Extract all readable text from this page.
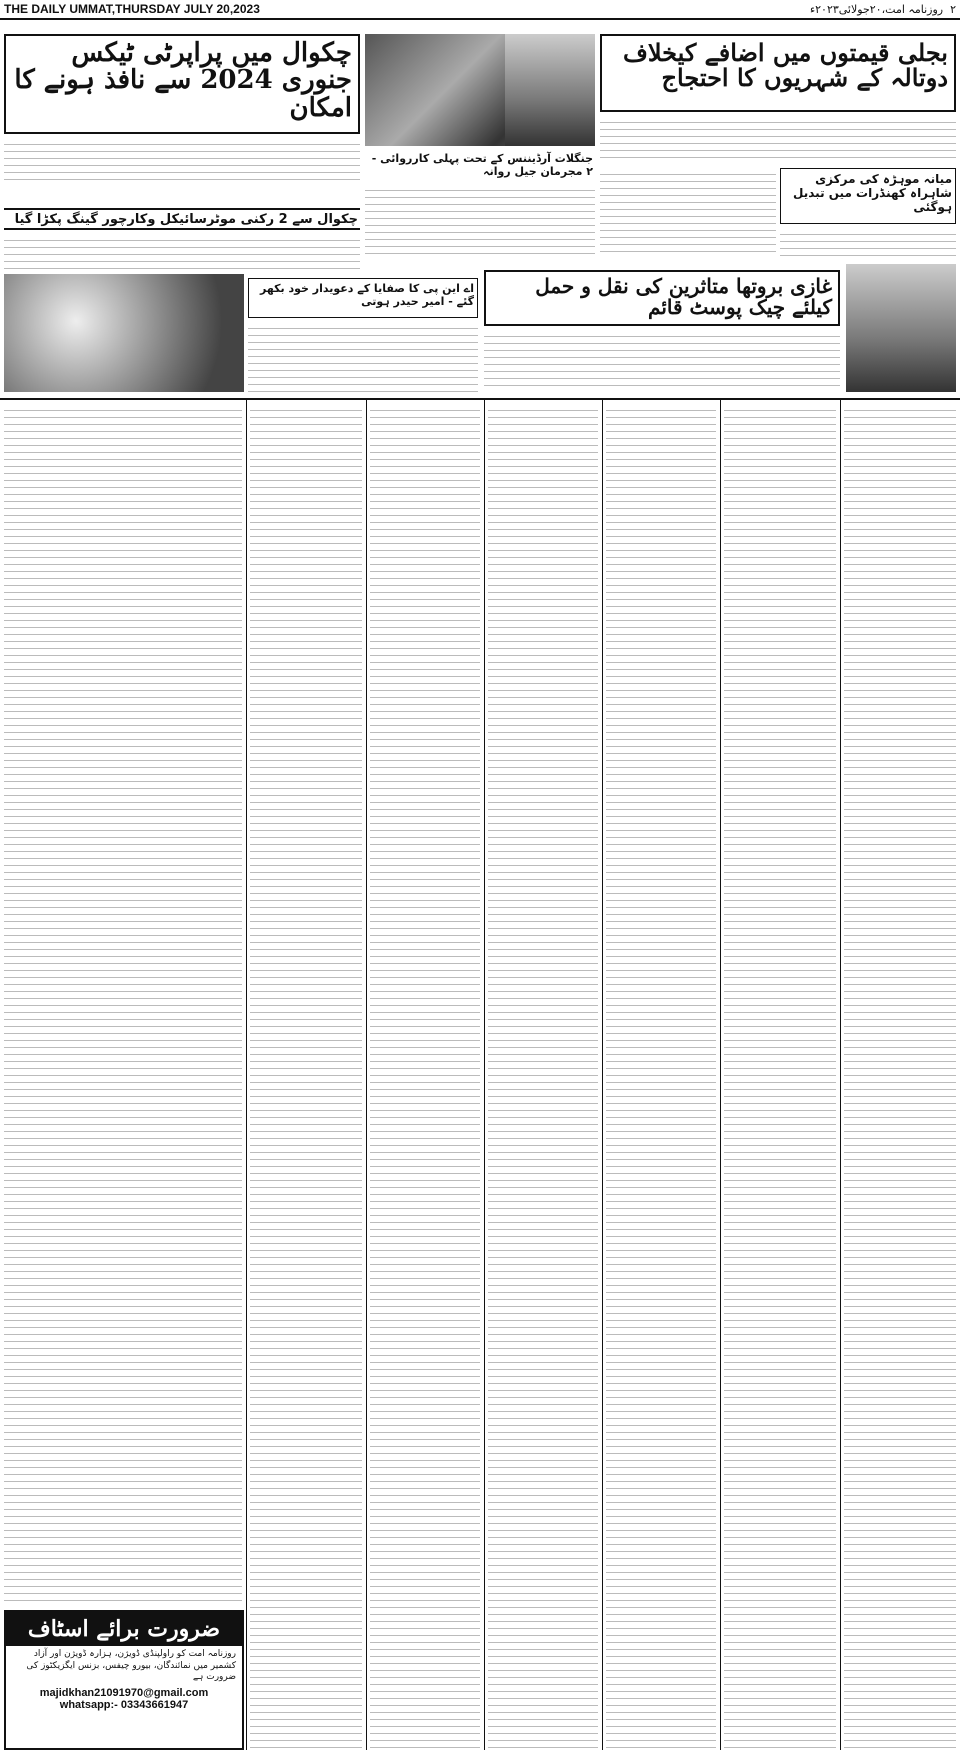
THE DAILY UMMAT,THURSDAY JULY 20,2023	۲  روزنامہ امت،۲۰جولائی۲۰۲۳ء
چکوال میں پراپرٹی ٹیکس جنوری 2024 سے نافذ ہونے کا امکان
جنگلات آرڈیننس کے تحت پہلی کارروائی - ۲ مجرمان جیل روانہ
بجلی قیمتوں میں اضافے کیخلاف دوتالہ کے شہریوں کا احتجاج
میانہ موہڑہ کی مرکزی شاہراہ کھنڈرات میں تبدیل ہوگئی
چکوال سے 2 رکنی موٹرسائیکل وکارچور گینگ پکڑا گیا
اے این پی کا صفایا کے دعویدار خود بکھر گئے - امیر حیدر ہوتی
غازی بروتھا متاثرین کی نقل و حمل کیلئے چیک پوسٹ قائم
ضرورت برائے اسٹاف
روزنامہ امت کو راولپنڈی ڈویژن، ہزارہ ڈویژن اور آزاد کشمیر میں نمائندگان، بیورو چیفس، بزنس ایگزیکٹوز کی ضرورت ہے
majidkhan21091970@gmail.com
whatsapp:- 03343661947
